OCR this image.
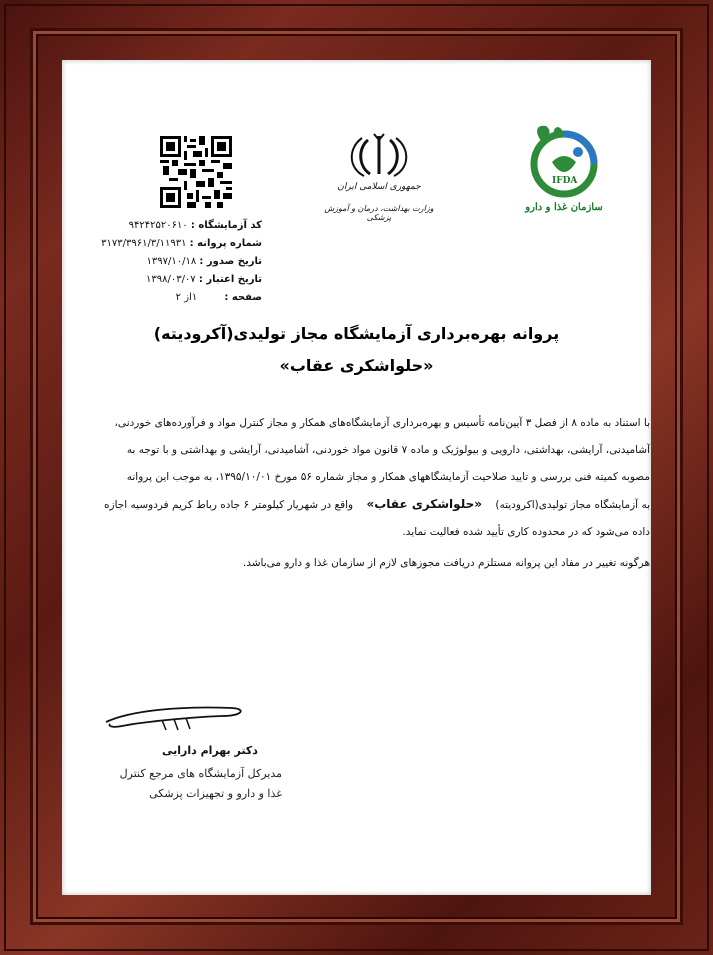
IFDA
سازمان غذا و دارو
جمهوری اسلامی ایران
وزارت بهداشت، درمان و آموزش پزشکی
کد آزمایشگاه : ۹۴۲۴۲۵۲۰۶۱۰
شماره پروانه : ۳۱۷۳/۳۹۶۱/۳/۱۱۹۳۱
تاریخ صدور : ۱۳۹۷/۱۰/۱۸
تاریخ اعتبار : ۱۳۹۸/۰۳/۰۷
صفحه : ۱از ۲
پروانه بهره‌برداری آزمایشگاه مجاز تولیدی(آکرودیته)
«حلواشکری عقاب»
با استناد به ماده ۸ از فصل ۳ آیین‌نامه تأسیس و بهره‌برداری آزمایشگاه‌های همکار و مجاز کنترل مواد و فرآورده‌های خوردنی،
آشامیدنی، آرایشی، بهداشتی، دارویی و بیولوژیک و ماده ۷ قانون مواد خوردنی، آشامیدنی، آرایشی و بهداشتی و با توجه به
مصوبه کمیته فنی بررسی و تایید صلاحیت آزمایشگاههای همکار و مجاز شماره ۵۶ مورخ ۱۳۹۵/۱۰/۰۱، به موجب این پروانه
به آزمایشگاه مجاز تولیدی(اکرودیته) «حلواشکری عقاب» واقع در شهریار کیلومتر ۶ جاده رباط کریم فردوسیه اجازه
داده می‌شود که در محدوده کاری تأیید شده فعالیت نماید.
هرگونه تغییر در مفاد این پروانه مستلزم دریافت مجوزهای لازم از سازمان غذا و دارو می‌باشد.
دکتر بهرام دارایی
مدیرکل آزمایشگاه های مرجع کنترل
غذا و دارو و تجهیزات پزشکی
